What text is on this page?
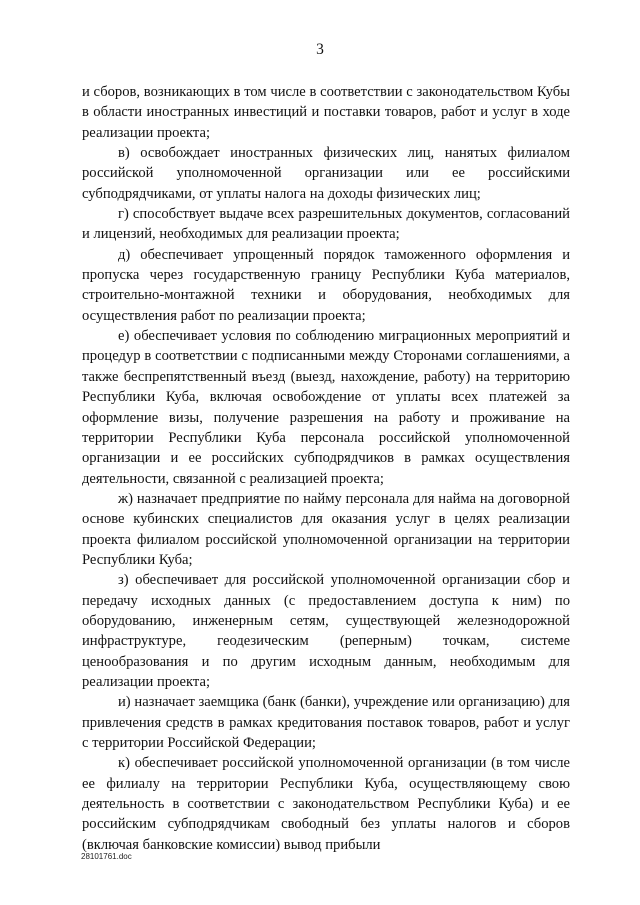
3

и сборов, возникающих в том числе в соответствии с законодательством Кубы в области иностранных инвестиций и поставки товаров, работ и услуг в ходе реализации проекта;

в) освобождает иностранных физических лиц, нанятых филиалом российской уполномоченной организации или ее российскими субподрядчиками, от уплаты налога на доходы физических лиц;

г) способствует выдаче всех разрешительных документов, согласований и лицензий, необходимых для реализации проекта;

д) обеспечивает упрощенный порядок таможенного оформления и пропуска через государственную границу Республики Куба материалов, строительно-монтажной техники и оборудования, необходимых для осуществления работ по реализации проекта;

е) обеспечивает условия по соблюдению миграционных мероприятий и процедур в соответствии с подписанными между Сторонами соглашениями, а также беспрепятственный въезд (выезд, нахождение, работу) на территорию Республики Куба, включая освобождение от уплаты всех платежей за оформление визы, получение разрешения на работу и проживание на территории Республики Куба персонала российской уполномоченной организации и ее российских субподрядчиков в рамках осуществления деятельности, связанной с реализацией проекта;

ж) назначает предприятие по найму персонала для найма на договорной основе кубинских специалистов для оказания услуг в целях реализации проекта филиалом российской уполномоченной организации на территории Республики Куба;

з) обеспечивает для российской уполномоченной организации сбор и передачу исходных данных (с предоставлением доступа к ним) по оборудованию, инженерным сетям, существующей железнодорожной инфраструктуре, геодезическим (реперным) точкам, системе ценообразования и по другим исходным данным, необходимым для реализации проекта;

и) назначает заемщика (банк (банки), учреждение или организацию) для привлечения средств в рамках кредитования поставок товаров, работ и услуг с территории Российской Федерации;

к) обеспечивает российской уполномоченной организации (в том числе ее филиалу на территории Республики Куба, осуществляющему свою деятельность в соответствии с законодательством Республики Куба) и ее российским субподрядчикам свободный без уплаты налогов и сборов (включая банковские комиссии) вывод прибыли

28101761.doc
